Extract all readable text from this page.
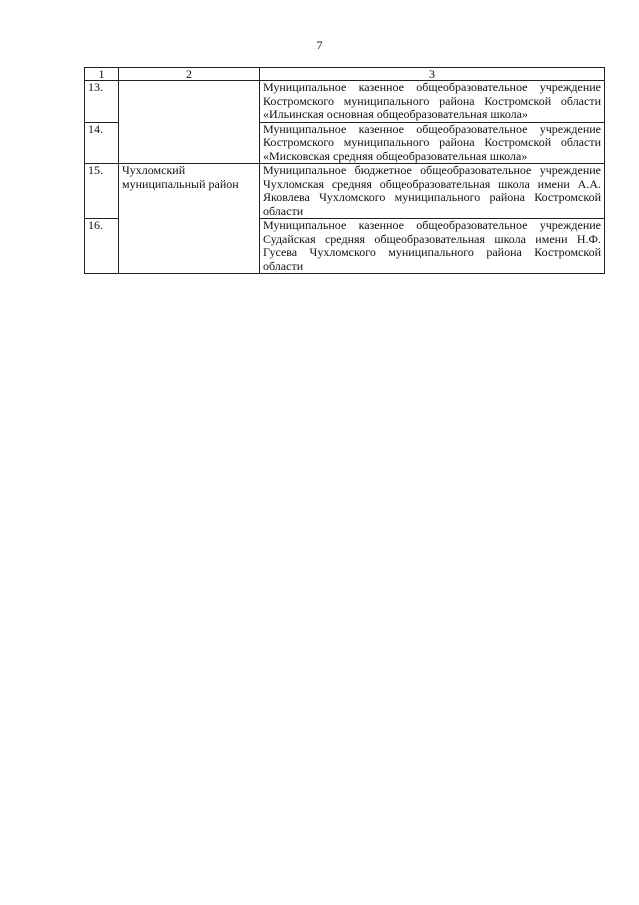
7
1	2	3
13.		Муниципальное казенное общеобразовательное учреждение Костромского муниципального района Костромской области «Ильинская основная общеобразовательная школа»
14.		Муниципальное казенное общеобразовательное учреждение Костромского муниципального района Костромской области «Мисковская средняя общеобразовательная школа»
15.	Чухломский муниципальный район	Муниципальное бюджетное общеобразовательное учреждение Чухломская средняя общеобразовательная школа имени А.А. Яковлева Чухломского муниципального района Костромской области
16.		Муниципальное казенное общеобразовательное учреждение Судайская средняя общеобразовательная школа имени Н.Ф. Гусева Чухломского муниципального района Костромской области
